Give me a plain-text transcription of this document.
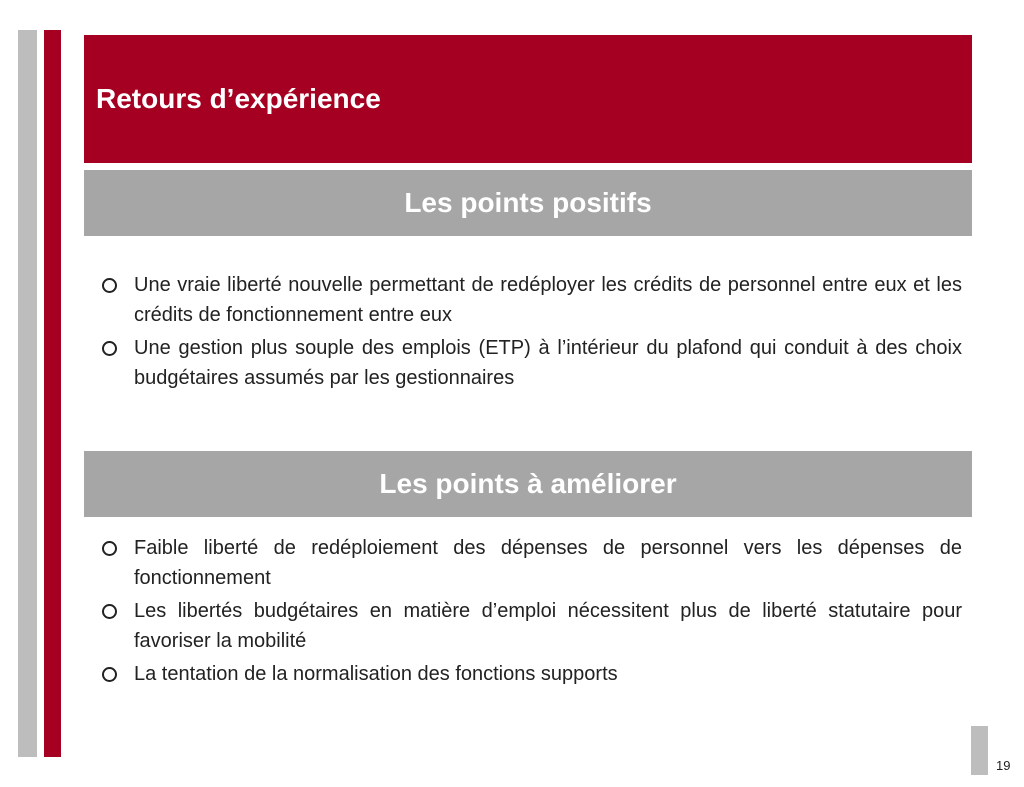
Retours d’expérience
Les points positifs
Une vraie liberté nouvelle permettant de redéployer les crédits de personnel entre eux et les crédits de fonctionnement entre eux
Une gestion plus souple des emplois (ETP) à l’intérieur du plafond qui conduit à des choix budgétaires assumés par les gestionnaires
Les points à améliorer
Faible liberté de redéploiement des dépenses de personnel vers les dépenses de fonctionnement
Les libertés budgétaires en matière d’emploi nécessitent plus de liberté statutaire pour favoriser la mobilité
La tentation de la normalisation des fonctions supports
19
